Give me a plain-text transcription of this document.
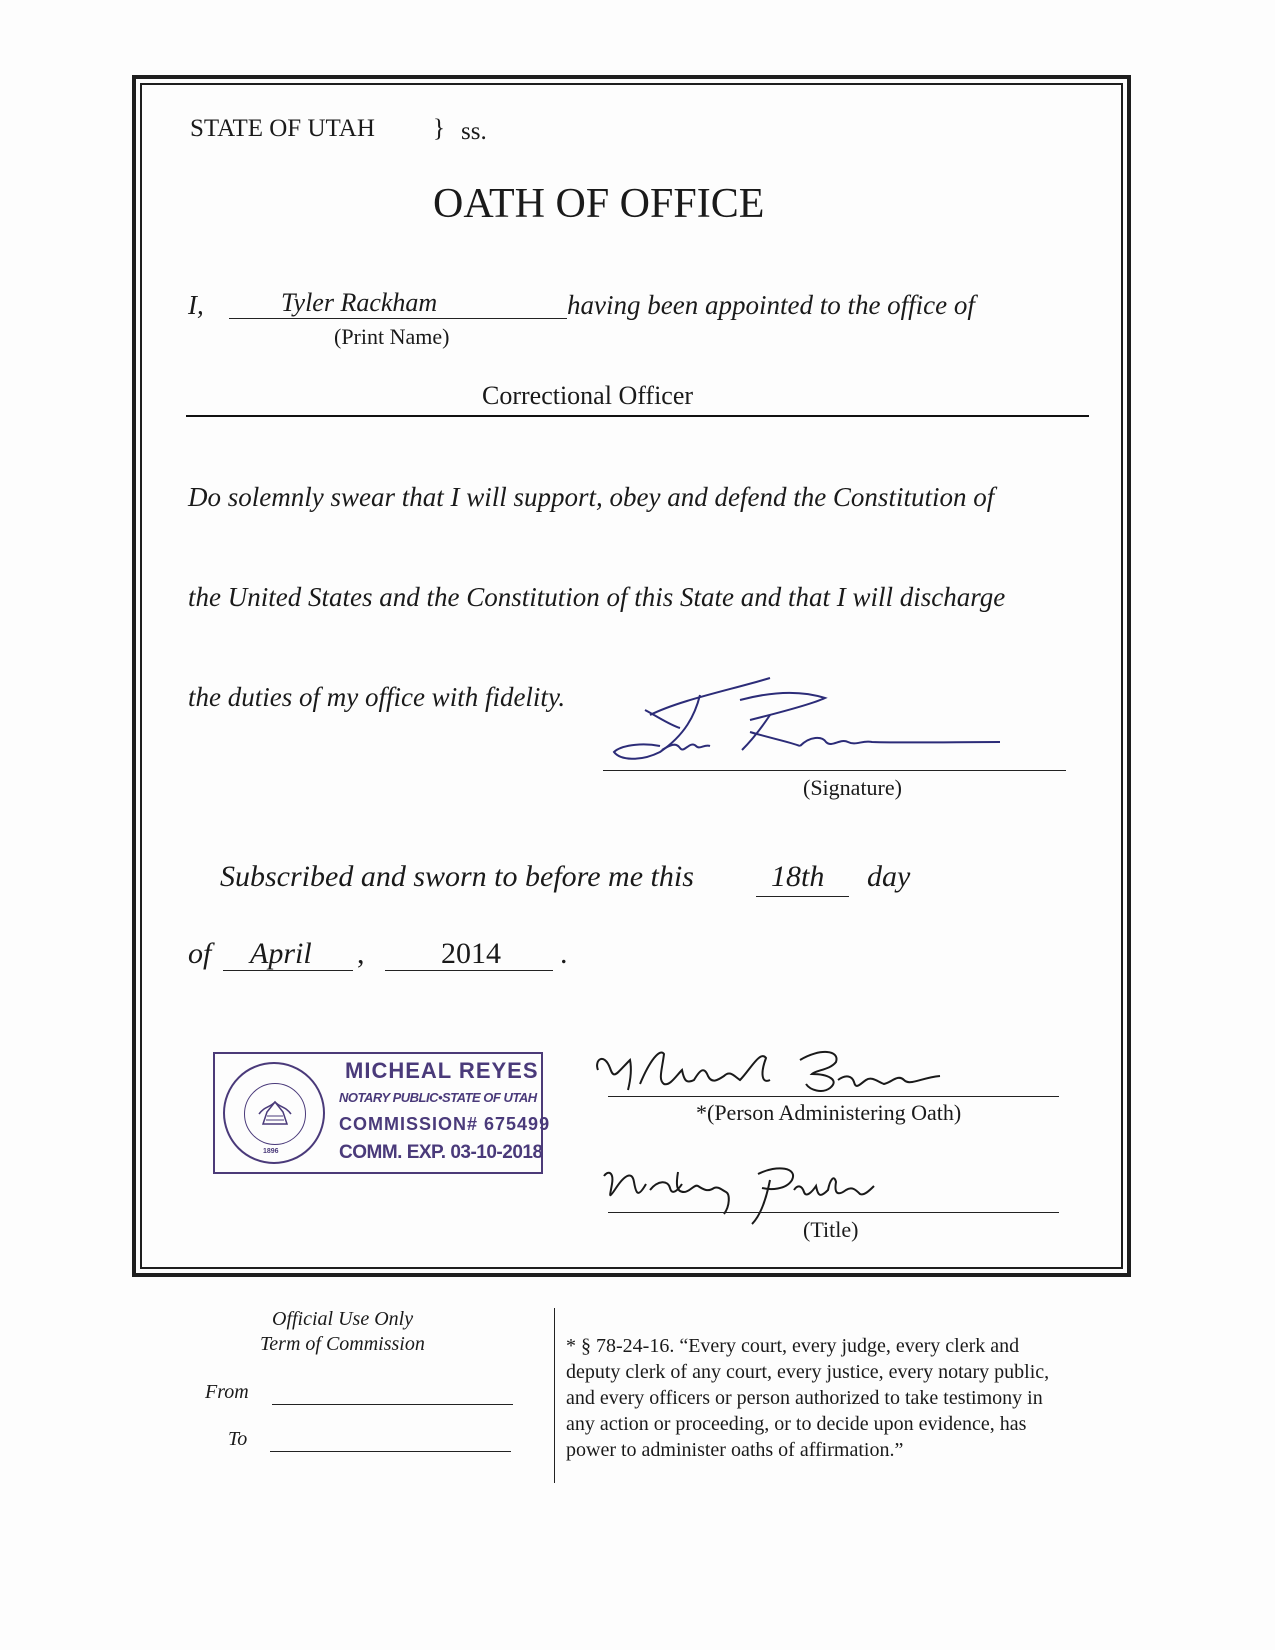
STATE OF UTAH } ss.
OATH OF OFFICE
I,	Tyler Rackham	having been appointed to the office of
(Print Name)
Correctional Officer
Do solemnly swear that I will support, obey and defend the Constitution of
the United States and the Constitution of this State and that I will discharge
the duties of my office with fidelity.
(Signature)
Subscribed and sworn to before me this	18th day
of April ,	2014 .
1896
MICHEAL REYES
NOTARY PUBLIC•STATE OF UTAH
COMMISSION# 675499
COMM. EXP. 03-10-2018
*(Person Administering Oath)
(Title)
Official Use Only
Term of Commission
From
To
* § 78-24-16. “Every court, every judge, every clerk and
deputy clerk of any court, every justice, every notary public,
and every officers or person authorized to take testimony in
any action or proceeding, or to decide upon evidence, has
power to administer oaths of affirmation.”
